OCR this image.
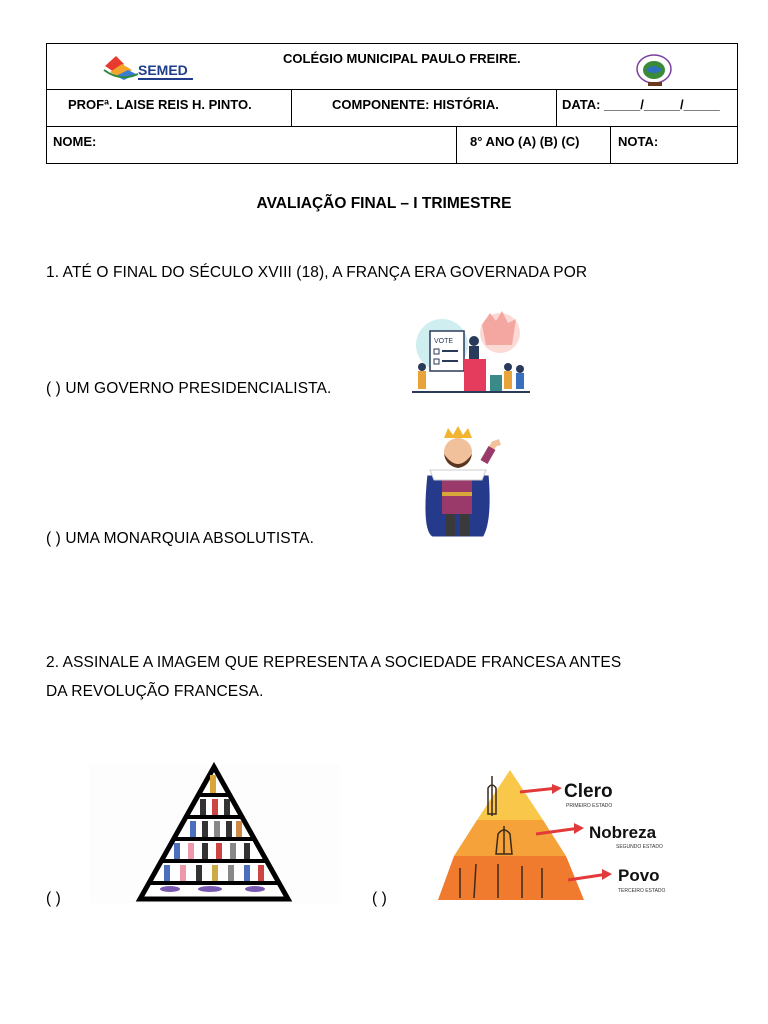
SEMED
COLÉGIO MUNICIPAL PAULO FREIRE.
PROFª. LAISE REIS H. PINTO.	COMPONENTE: HISTÓRIA.	DATA: _____/_____/_____
NOME:	8° ANO (A) (B) (C)	NOTA:
AVALIAÇÃO FINAL – I TRIMESTRE
1. ATÉ O FINAL DO SÉCULO XVIII (18), A FRANÇA ERA GOVERNADA POR
VOTE
( ) UM GOVERNO PRESIDENCIALISTA.
( ) UMA MONARQUIA ABSOLUTISTA.
2. ASSINALE A IMAGEM QUE REPRESENTA A SOCIEDADE FRANCESA ANTES
DA REVOLUÇÃO FRANCESA.
( )
Clero
PRIMEIRO ESTADO
Nobreza
SEGUNDO ESTADO
Povo
TERCEIRO ESTADO
( )
